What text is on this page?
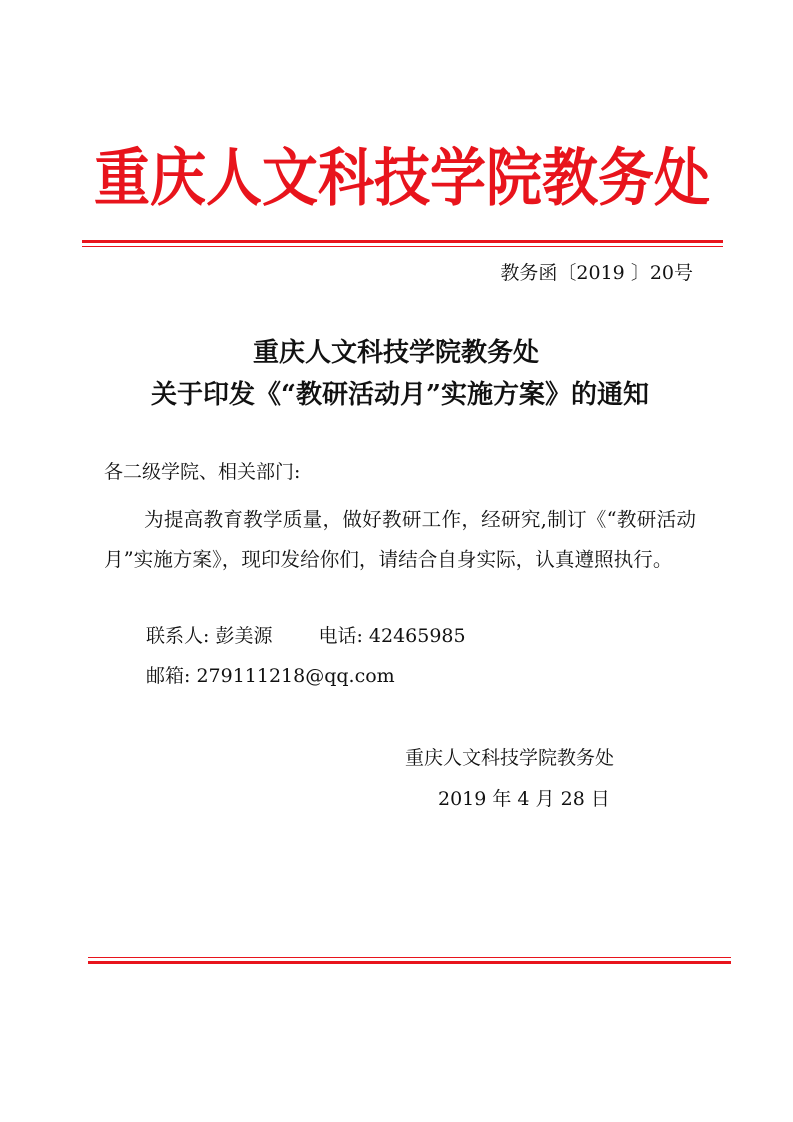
重庆人文科技学院教务处
教务函〔2019 〕20号
重庆人文科技学院教务处
关于印发《“教研活动月”实施方案》的通知
各二级学院、相关部门:
为提高教育教学质量，做好教研工作，经研究,制订《“教研活动月”实施方案》，现印发给你们，请结合自身实际，认真遵照执行。
联系人: 彭美源 电话: 42465985
邮箱: 279111218@qq.com
重庆人文科技学院教务处
2019 年 4 月 28 日
